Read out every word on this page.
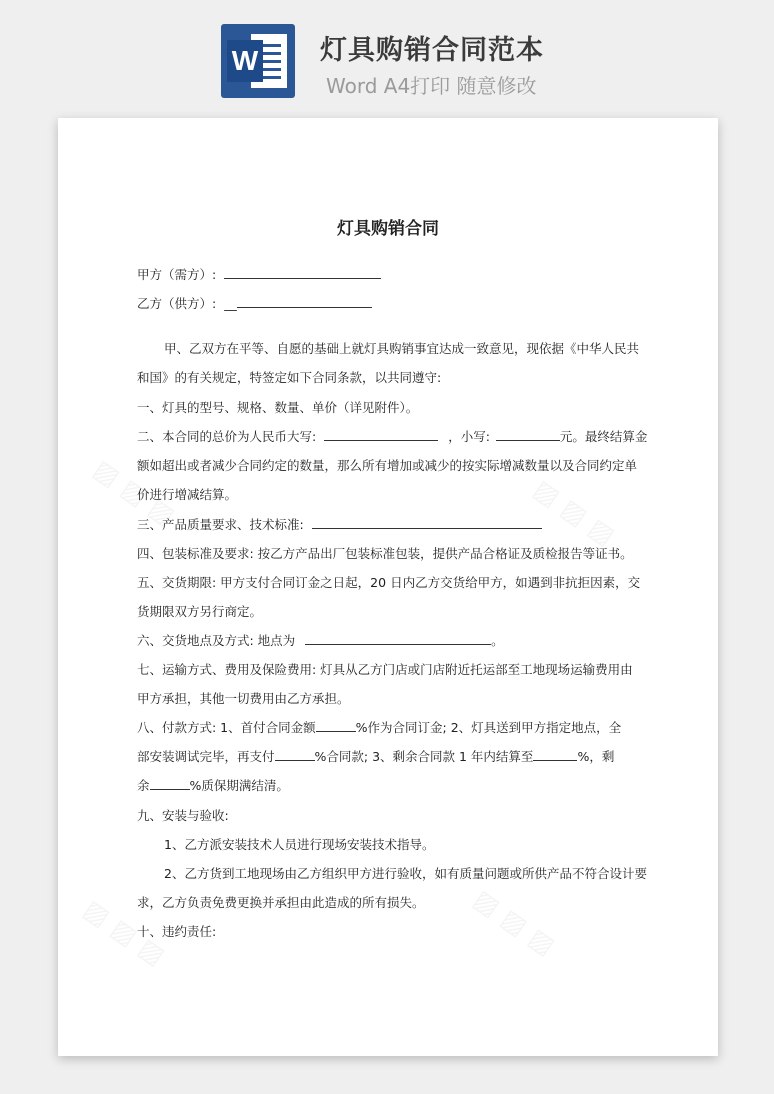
W 灯具购销合同范本
Word A4打印 随意修改
灯具购销合同
甲方（需方）:
乙方（供方）: __
甲、乙双方在平等、自愿的基础上就灯具购销事宜达成一致意见，现依据《中华人民共
和国》的有关规定，特签定如下合同条款，以共同遵守:
一、灯具的型号、规格、数量、单价（详见附件）。
二、本合同的总价为人民币大写:	，小写:	元。最终结算金
额如超出或者减少合同约定的数量，那么所有增加或减少的按实际增减数量以及合同约定单
价进行增减结算。
三、产品质量要求、技术标准:
四、包装标准及要求: 按乙方产品出厂包装标准包装，提供产品合格证及质检报告等证书。
五、交货期限: 甲方支付合同订金之日起，20 日内乙方交货给甲方，如遇到非抗拒因素，交
货期限双方另行商定。
六、交货地点及方式: 地点为	。
七、运输方式、费用及保险费用: 灯具从乙方门店或门店附近托运部至工地现场运输费用由
甲方承担，其他一切费用由乙方承担。
八、付款方式: 1、首付合同金额	%作为合同订金; 2、灯具送到甲方指定地点，全
部安装调试完毕，再支付	%合同款; 3、剩余合同款 1 年内结算至	%，剩
余	%质保期满结清。
九、安装与验收:
1、乙方派安装技术人员进行现场安装技术指导。
2、乙方货到工地现场由乙方组织甲方进行验收，如有质量问题或所供产品不符合设计要
求，乙方负责免费更换并承担由此造成的所有损失。
十、违约责任:
